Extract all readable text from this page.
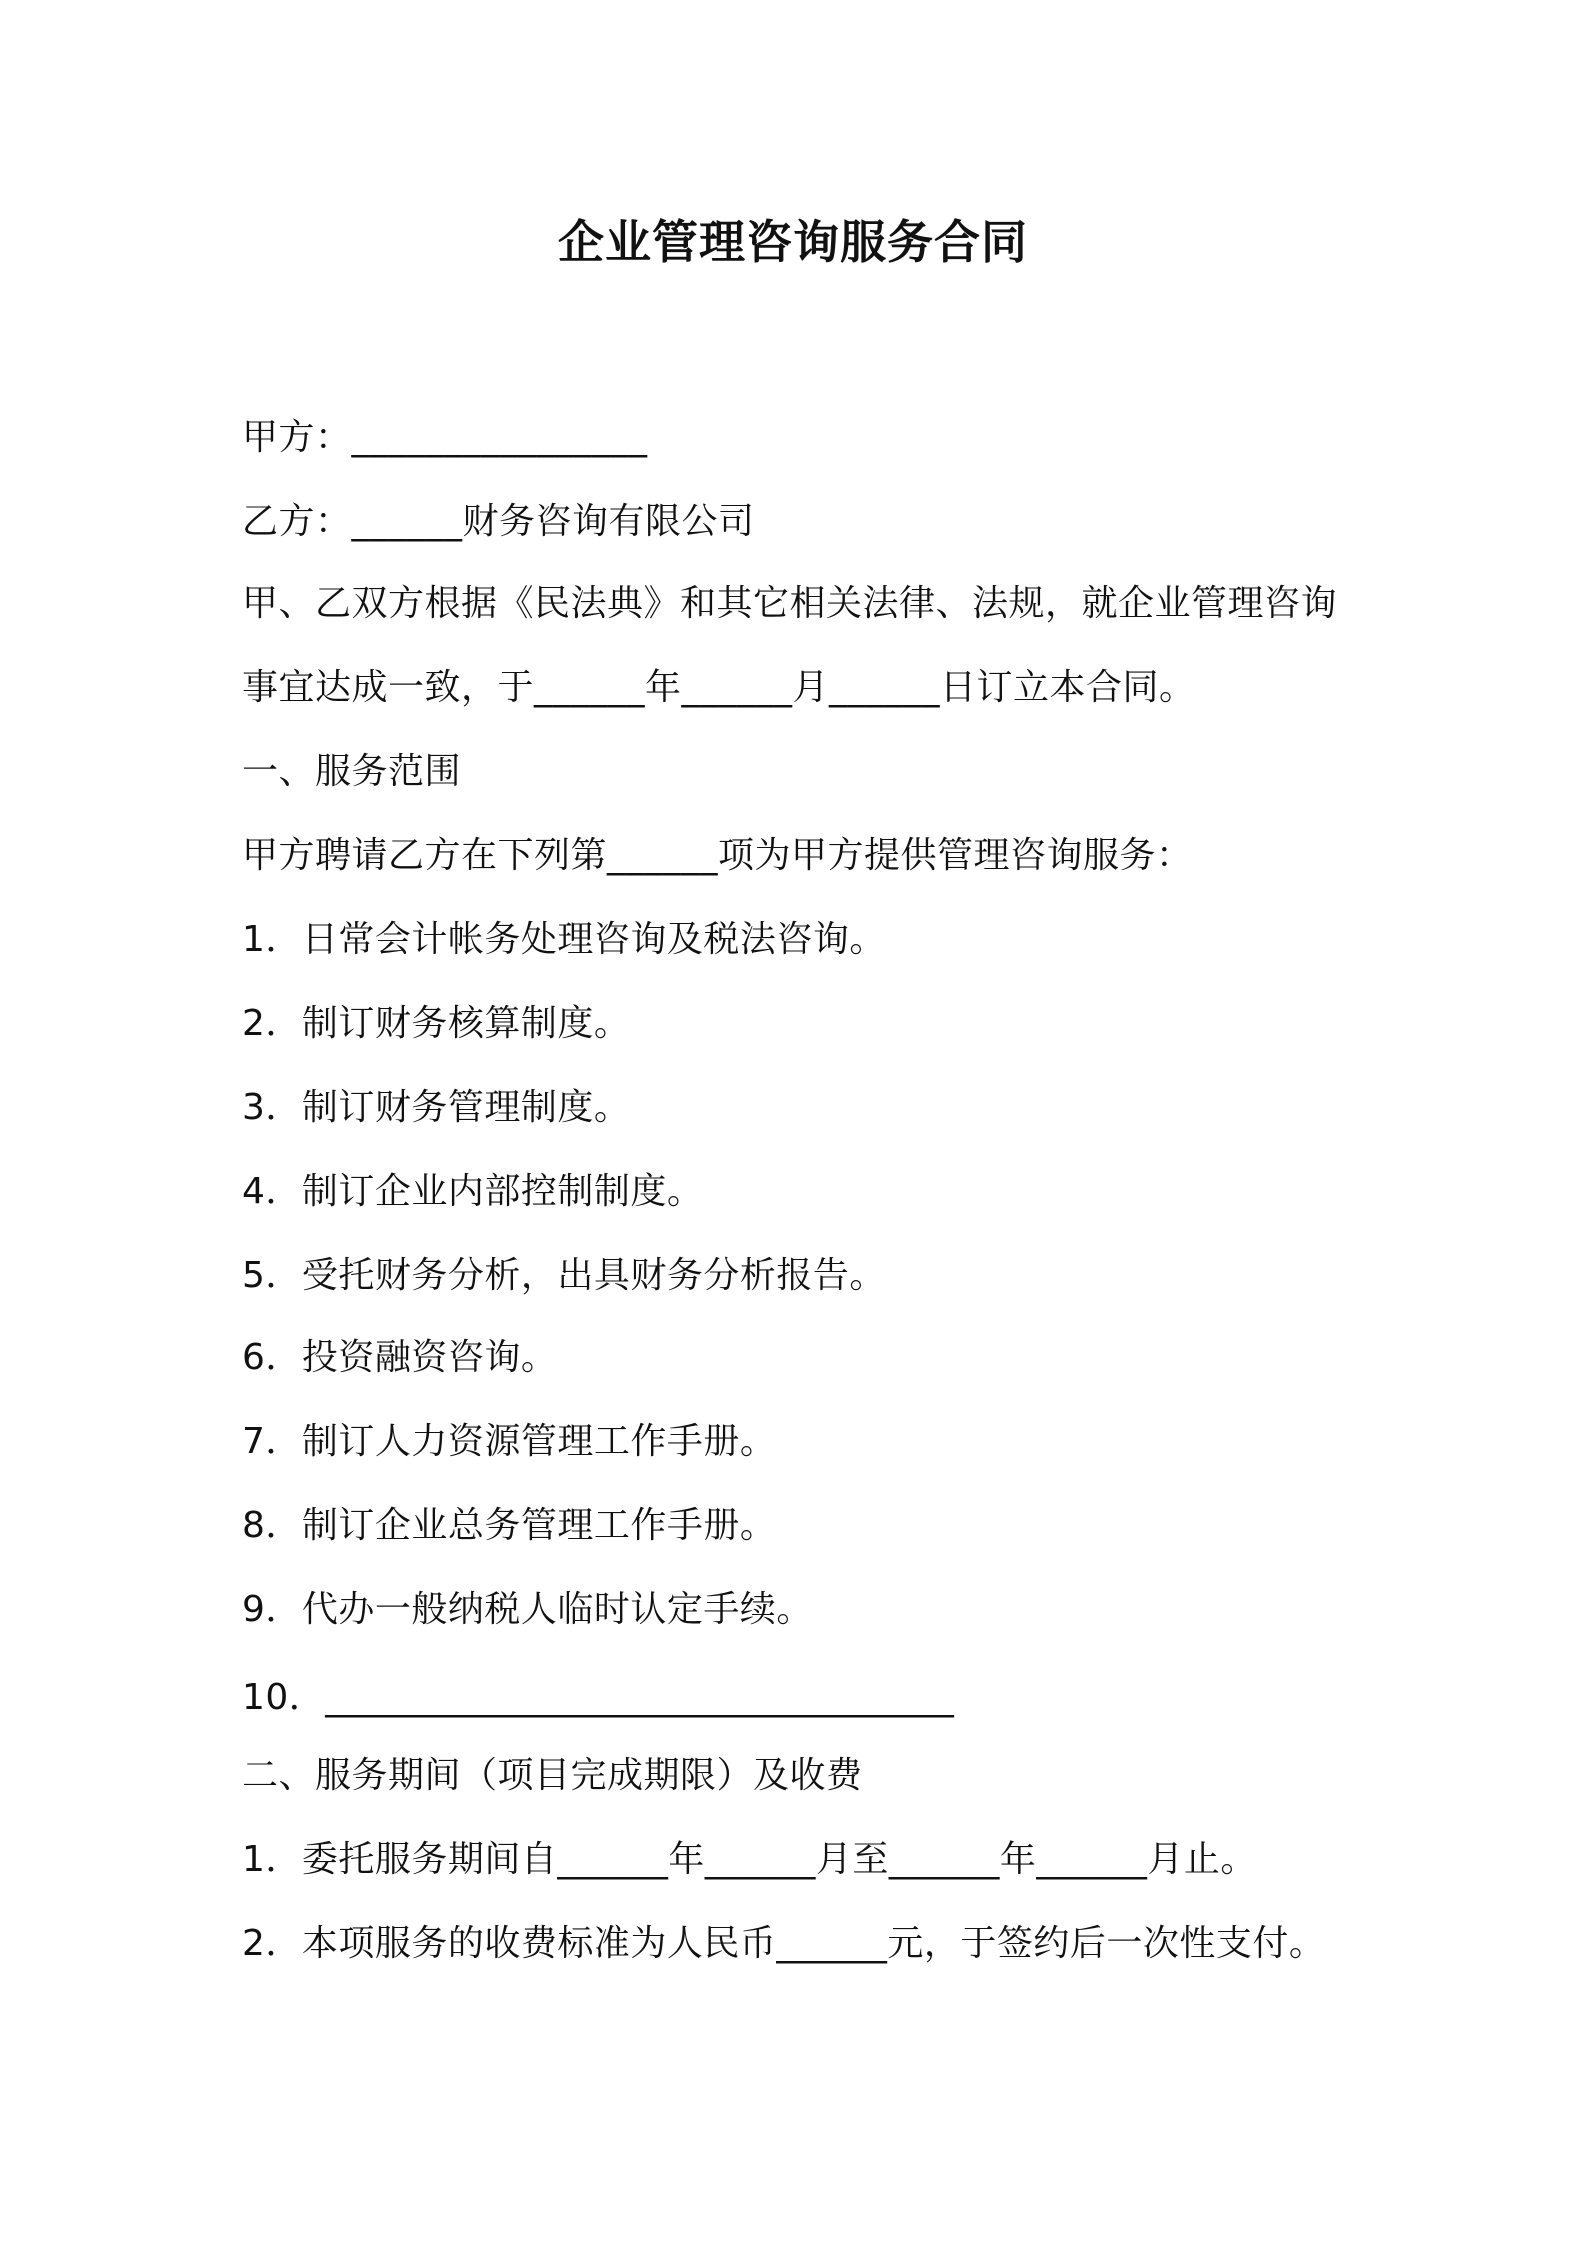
企业管理咨询服务合同
甲方：________________
乙方：______财务咨询有限公司
甲、乙双方根据《民法典》和其它相关法律、法规，就企业管理咨询
事宜达成一致，于______年______月______日订立本合同。
一、服务范围
甲方聘请乙方在下列第______项为甲方提供管理咨询服务：
1．日常会计帐务处理咨询及税法咨询。
2．制订财务核算制度。
3．制订财务管理制度。
4．制订企业内部控制制度。
5．受托财务分析，出具财务分析报告。
6．投资融资咨询。
7．制订人力资源管理工作手册。
8．制订企业总务管理工作手册。
9．代办一般纳税人临时认定手续。
10．__________________________________
二、服务期间（项目完成期限）及收费
1．委托服务期间自______年______月至______年______月止。
2．本项服务的收费标准为人民币______元，于签约后一次性支付。
